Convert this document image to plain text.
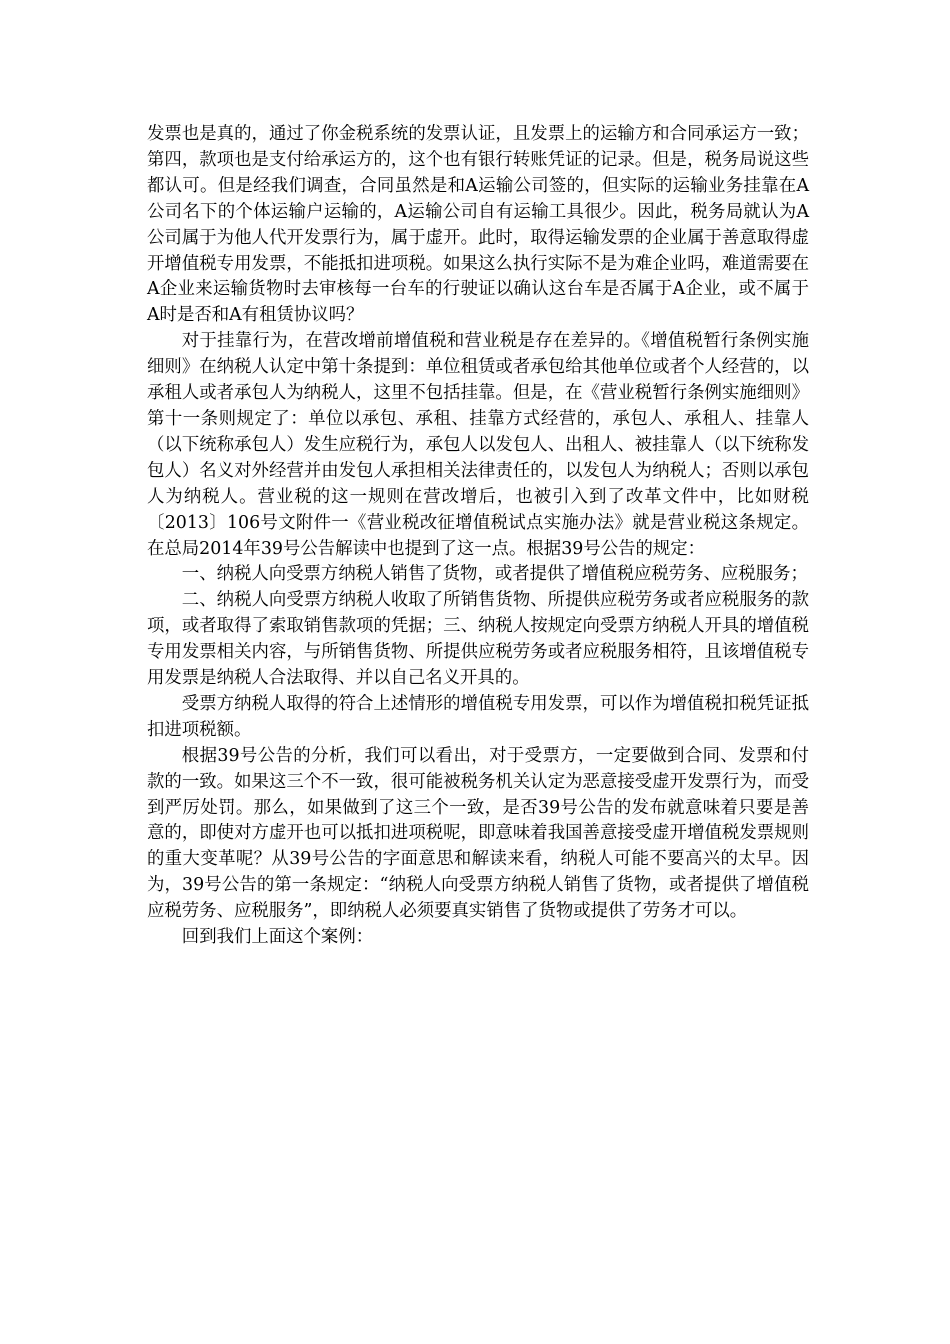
发票也是真的，通过了你金税系统的发票认证，且发票上的运输方和合同承运方一致；第四，款项也是支付给承运方的，这个也有银行转账凭证的记录。但是，税务局说这些都认可。但是经我们调查，合同虽然是和A运输公司签的，但实际的运输业务挂靠在A公司名下的个体运输户运输的，A运输公司自有运输工具很少。因此，税务局就认为A公司属于为他人代开发票行为，属于虚开。此时，取得运输发票的企业属于善意取得虚开增值税专用发票，不能抵扣进项税。如果这么执行实际不是为难企业吗，难道需要在A企业来运输货物时去审核每一台车的行驶证以确认这台车是否属于A企业，或不属于A时是否和A有租赁协议吗？

对于挂靠行为，在营改增前增值税和营业税是存在差异的。《增值税暂行条例实施细则》在纳税人认定中第十条提到：单位租赁或者承包给其他单位或者个人经营的，以承租人或者承包人为纳税人，这里不包括挂靠。但是，在《营业税暂行条例实施细则》第十一条则规定了：单位以承包、承租、挂靠方式经营的，承包人、承租人、挂靠人（以下统称承包人）发生应税行为，承包人以发包人、出租人、被挂靠人（以下统称发包人）名义对外经营并由发包人承担相关法律责任的，以发包人为纳税人；否则以承包人为纳税人。营业税的这一规则在营改增后，也被引入到了改革文件中，比如财税〔2013〕106号文附件一《营业税改征增值税试点实施办法》就是营业税这条规定。在总局2014年39号公告解读中也提到了这一点。根据39号公告的规定：

一、纳税人向受票方纳税人销售了货物，或者提供了增值税应税劳务、应税服务；

二、纳税人向受票方纳税人收取了所销售货物、所提供应税劳务或者应税服务的款项，或者取得了索取销售款项的凭据；三、纳税人按规定向受票方纳税人开具的增值税专用发票相关内容，与所销售货物、所提供应税劳务或者应税服务相符，且该增值税专用发票是纳税人合法取得、并以自己名义开具的。

受票方纳税人取得的符合上述情形的增值税专用发票，可以作为增值税扣税凭证抵扣进项税额。

根据39号公告的分析，我们可以看出，对于受票方，一定要做到合同、发票和付款的一致。如果这三个不一致，很可能被税务机关认定为恶意接受虚开发票行为，而受到严厉处罚。那么，如果做到了这三个一致，是否39号公告的发布就意味着只要是善意的，即使对方虚开也可以抵扣进项税呢，即意味着我国善意接受虚开增值税发票规则的重大变革呢？从39号公告的字面意思和解读来看，纳税人可能不要高兴的太早。因为，39号公告的第一条规定：“纳税人向受票方纳税人销售了货物，或者提供了增值税应税劳务、应税服务”，即纳税人必须要真实销售了货物或提供了劳务才可以。

回到我们上面这个案例：
